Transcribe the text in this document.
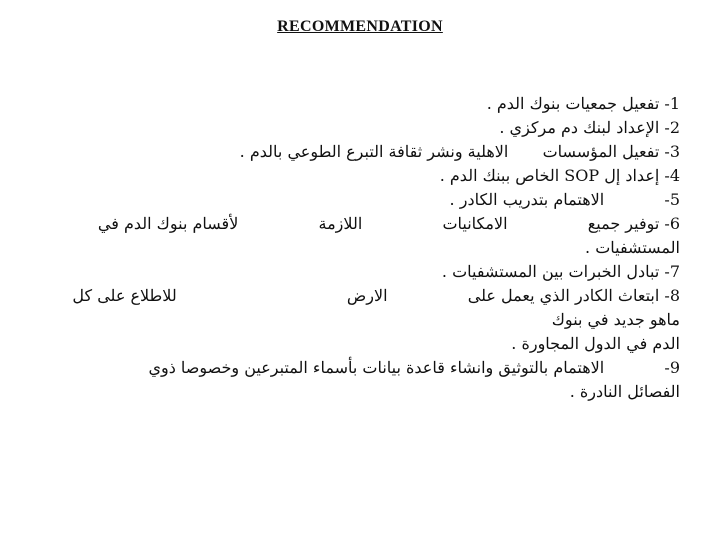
RECOMMENDATION
1- تفعيل جمعيات بنوك الدم .
2- الإعداد لبنك دم مركزي .
3- تفعيل المؤسسات  الاهلية ونشر ثقافة التبرع الطوعي بالدم .
4- إعداد إل SOP الخاص ببنك الدم .
5-  الاهتمام بتدريب الكادر .
6- توفير جميع  الامكانيات  اللازمة  لأقسام بنوك الدم في
المستشفيات .
7- تبادل الخبرات بين المستشفيات .
8- ابتعاث الكادر الذي يعمل على  الارض  للاطلاع على كل
ماهو جديد في بنوك
الدم في الدول المجاورة .
9-  الاهتمام بالتوثيق وانشاء قاعدة بيانات بأسماء المتبرعين وخصوصا ذوي
الفصائل النادرة .
